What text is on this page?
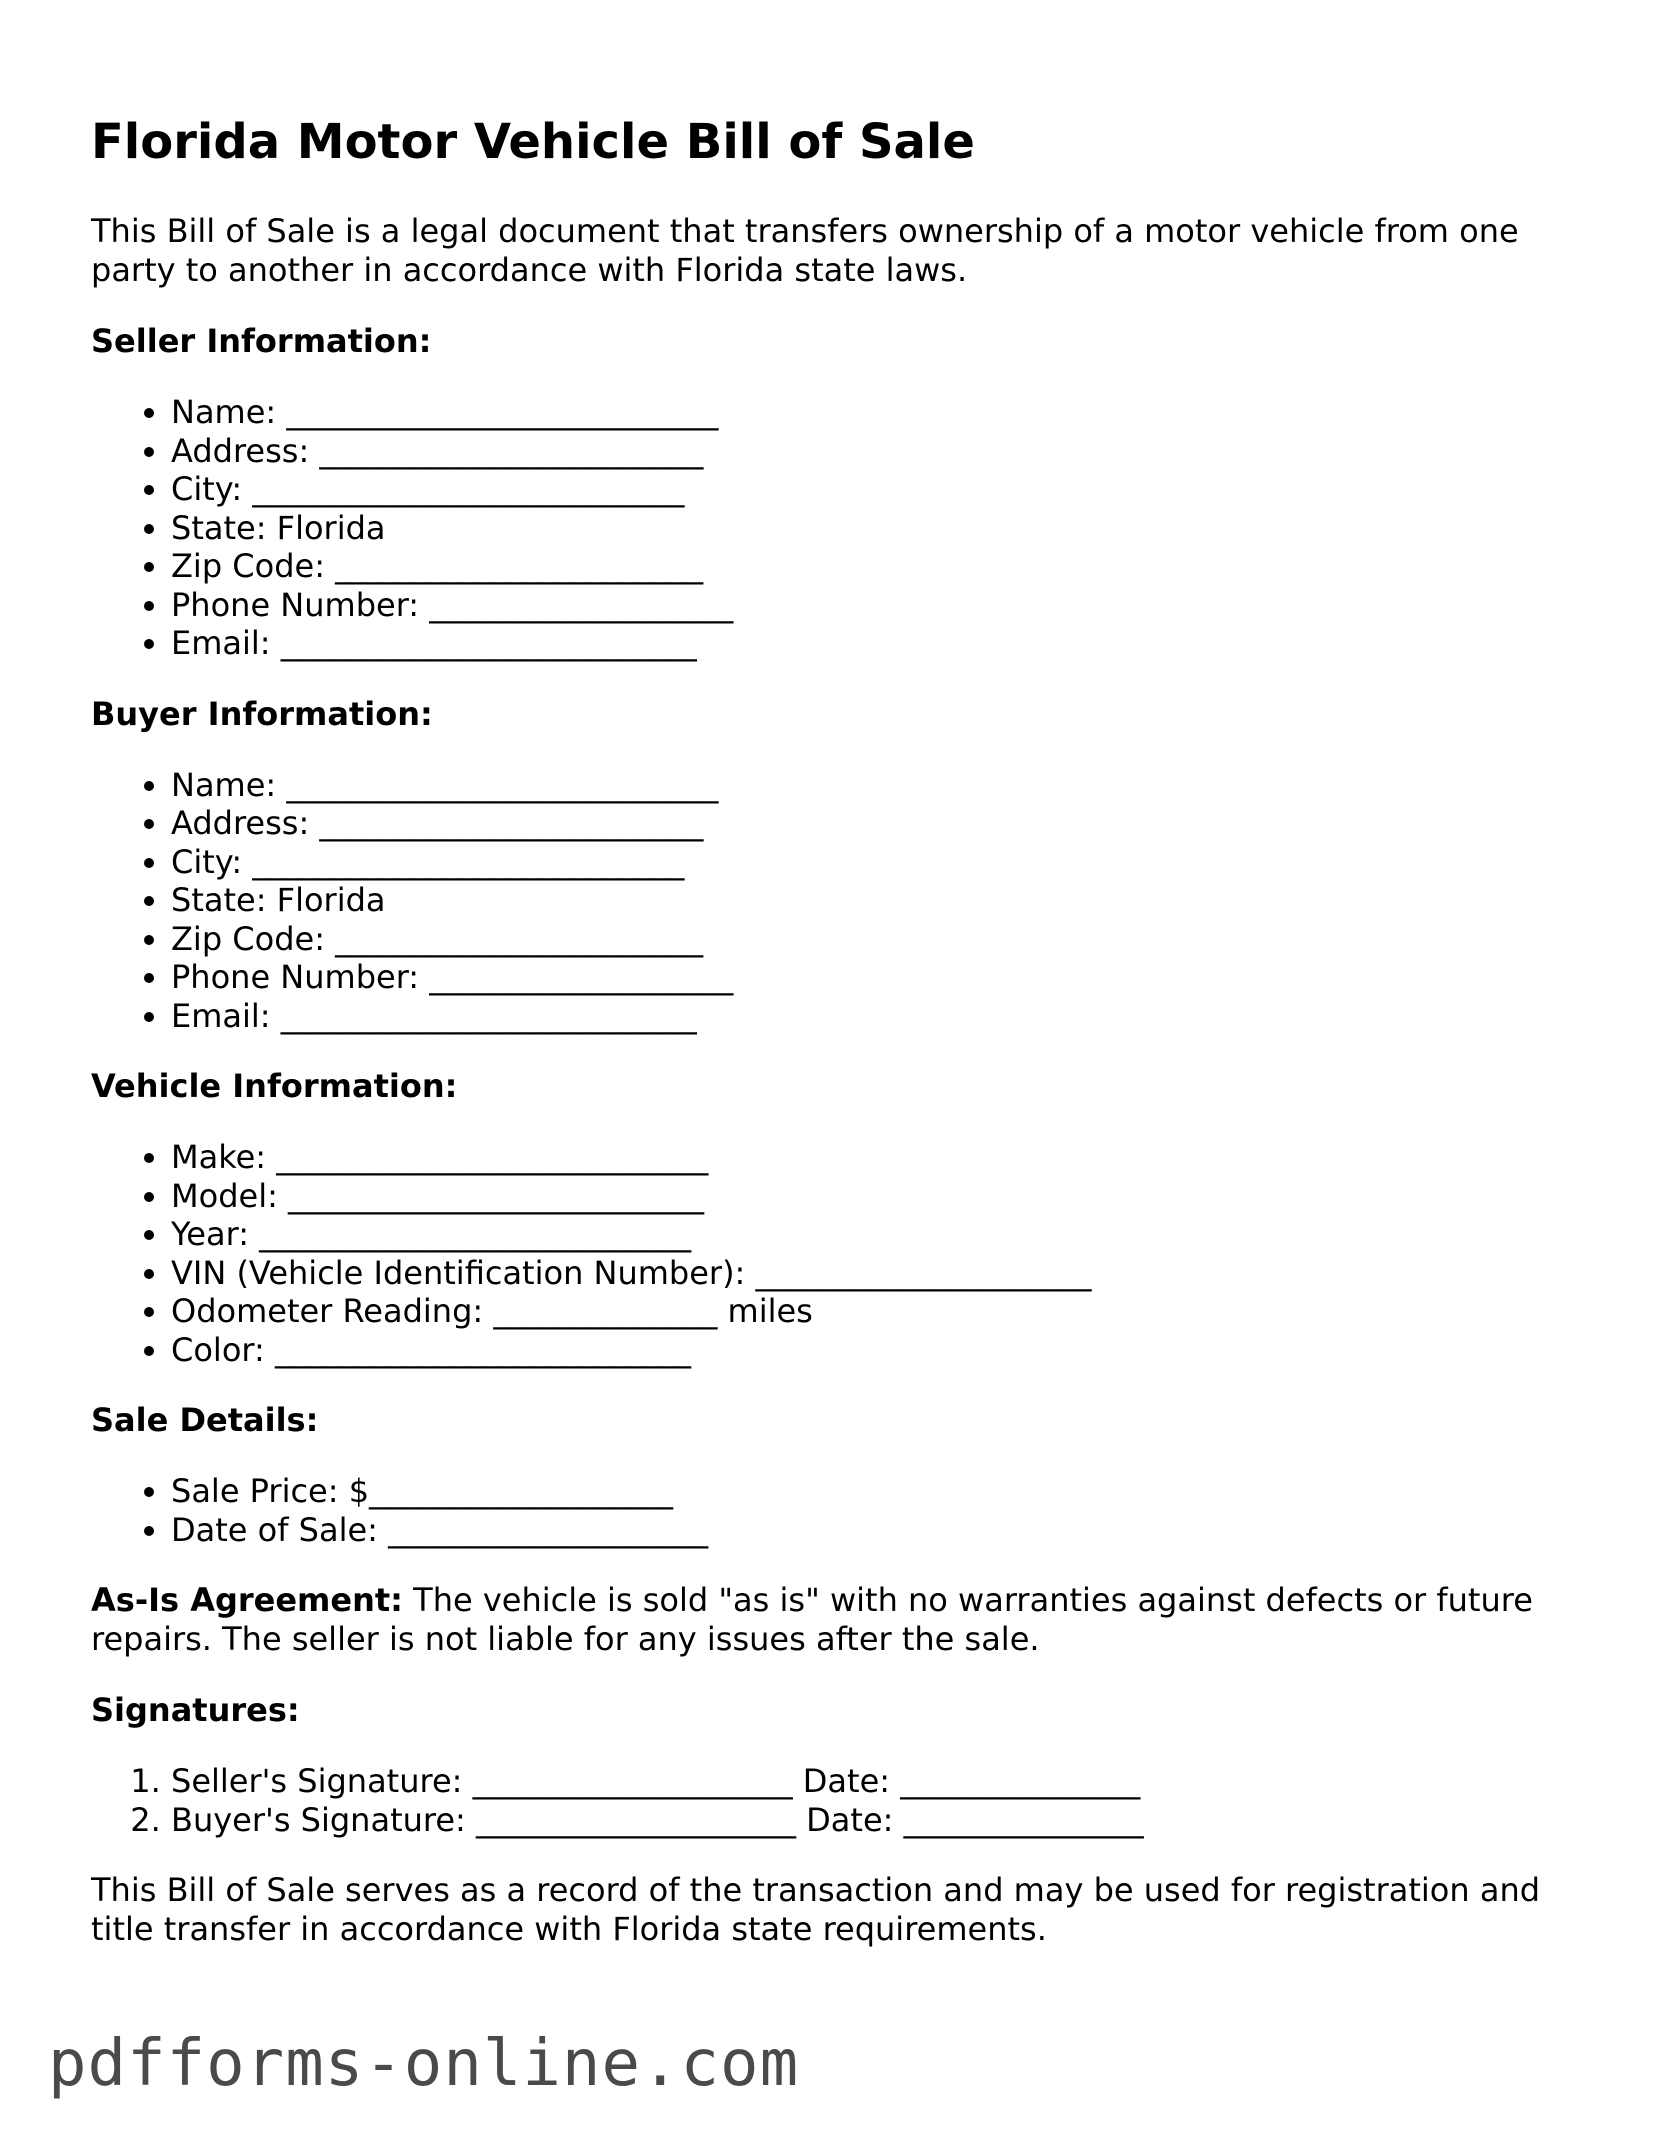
Florida Motor Vehicle Bill of Sale

This Bill of Sale is a legal document that transfers ownership of a motor vehicle from one party to another in accordance with Florida state laws.

Seller Information:
• Name: ___________________________
• Address: ________________________
• City: ___________________________
• State: Florida
• Zip Code: _______________________
• Phone Number: ___________________
• Email: __________________________
Buyer Information:
• Name: ___________________________
• Address: ________________________
• City: ___________________________
• State: Florida
• Zip Code: _______________________
• Phone Number: ___________________
• Email: __________________________
Vehicle Information:
• Make: ___________________________
• Model: __________________________
• Year: ___________________________
• VIN (Vehicle Identification Number): _____________________
• Odometer Reading: ______________ miles
• Color: __________________________
Sale Details:
• Sale Price: $___________________
• Date of Sale: ____________________

As-Is Agreement: The vehicle is sold "as is" with no warranties against defects or future repairs. The seller is not liable for any issues after the sale.

Signatures:
1. Seller's Signature: ____________________ Date: _______________
2. Buyer's Signature: ____________________ Date: _______________

This Bill of Sale serves as a record of the transaction and may be used for registration and title transfer in accordance with Florida state requirements.

pdfforms-online.com
